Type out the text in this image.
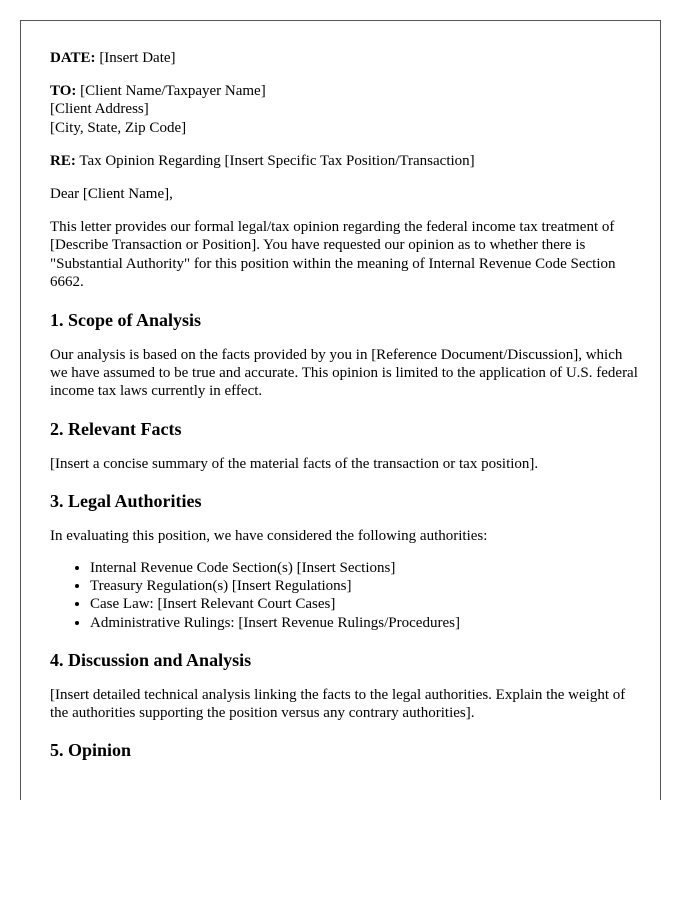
DATE: [Insert Date]

TO: [Client Name/Taxpayer Name]
[Client Address]
[City, State, Zip Code]

RE: Tax Opinion Regarding [Insert Specific Tax Position/Transaction]

Dear [Client Name],

This letter provides our formal legal/tax opinion regarding the federal income tax treatment of [Describe Transaction or Position]. You have requested our opinion as to whether there is "Substantial Authority" for this position within the meaning of Internal Revenue Code Section 6662.

1. Scope of Analysis

Our analysis is based on the facts provided by you in [Reference Document/Discussion], which we have assumed to be true and accurate. This opinion is limited to the application of U.S. federal income tax laws currently in effect.

2. Relevant Facts

[Insert a concise summary of the material facts of the transaction or tax position].

3. Legal Authorities

In evaluating this position, we have considered the following authorities:

• Internal Revenue Code Section(s) [Insert Sections]
• Treasury Regulation(s) [Insert Regulations]
• Case Law: [Insert Relevant Court Cases]
• Administrative Rulings: [Insert Revenue Rulings/Procedures]
4. Discussion and Analysis

[Insert detailed technical analysis linking the facts to the legal authorities. Explain the weight of the authorities supporting the position versus any contrary authorities].

5. Opinion
